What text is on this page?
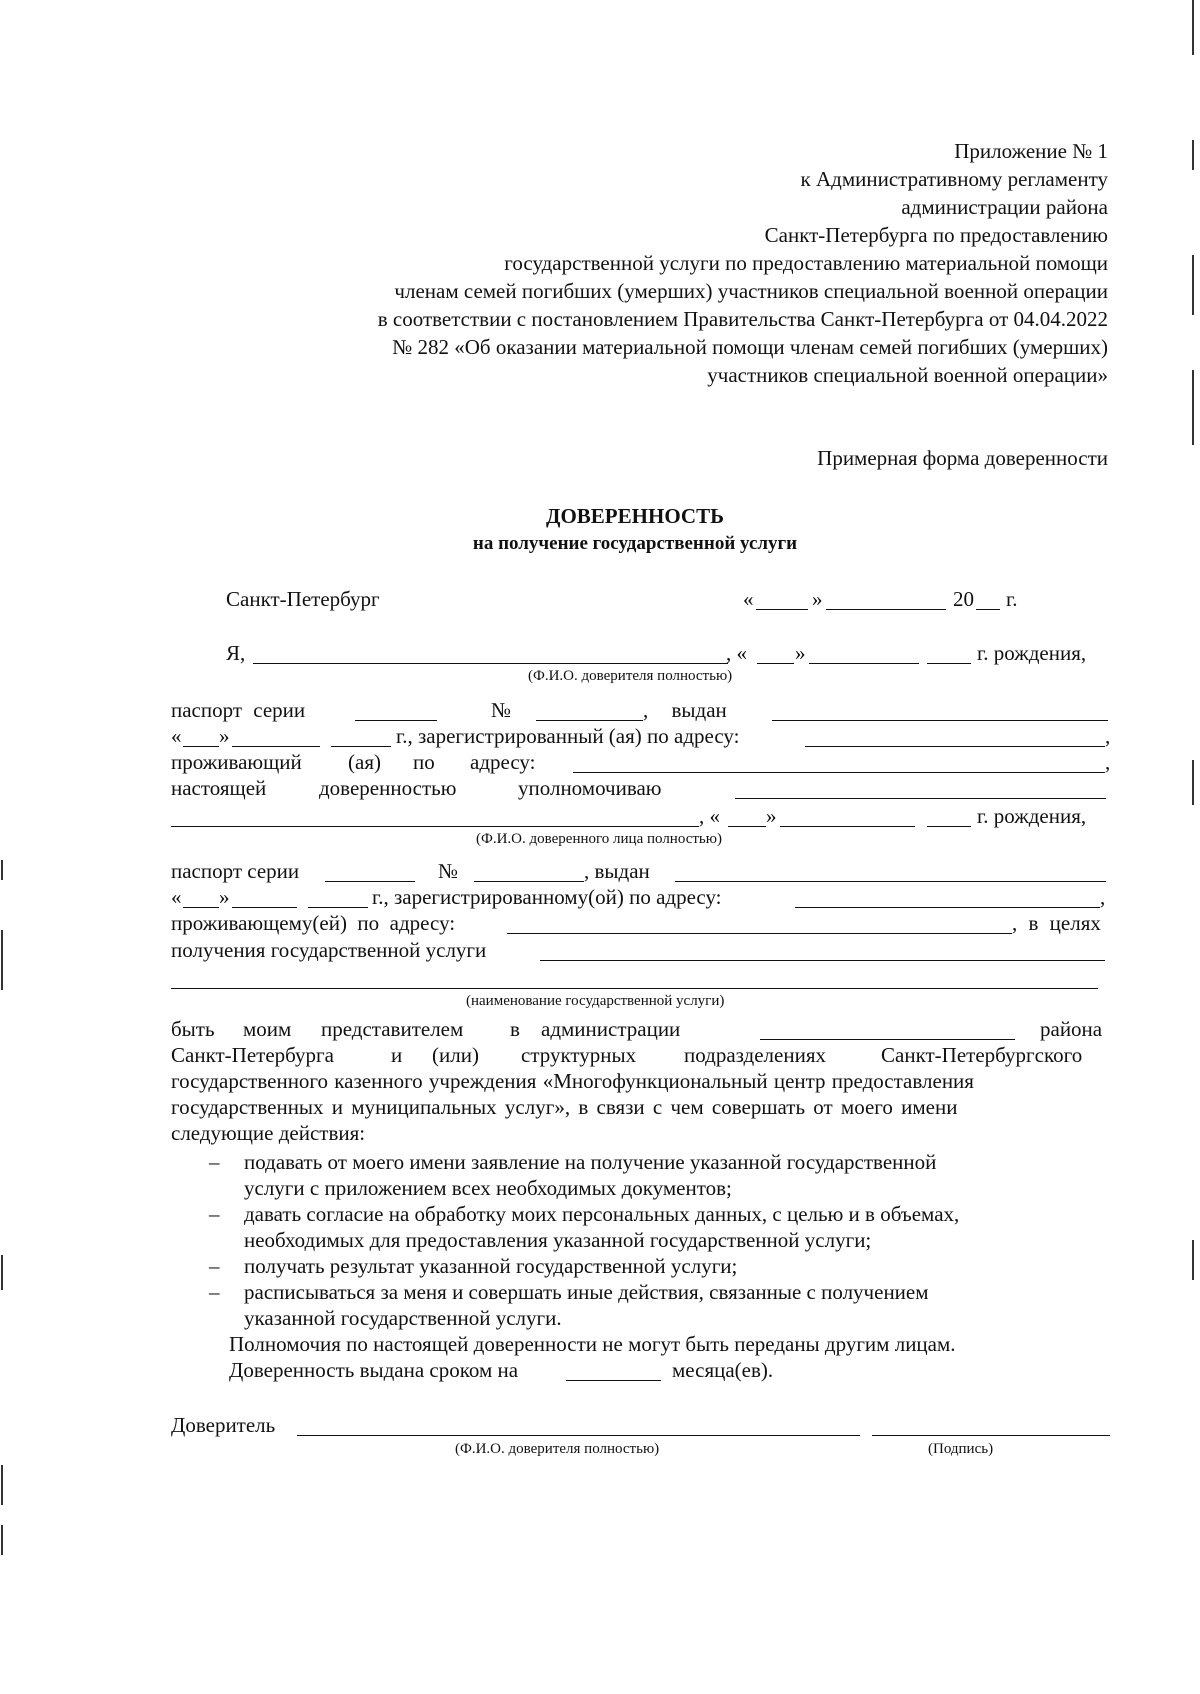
Приложение № 1
к Административному регламенту
администрации района
Санкт-Петербурга по предоставлению
государственной услуги по предоставлению материальной помощи
членам семей погибших (умерших) участников специальной военной операции
в соответствии с постановлением Правительства Санкт-Петербурга от 04.04.2022
№ 282 «Об оказании материальной помощи членам семей погибших (умерших)
участников специальной военной операции»
Примерная форма доверенности
ДОВЕРЕННОСТЬ
на получение государственной услуги
Санкт-Петербург	«	»	20 г.
Я,	, « »	г. рождения,
(Ф.И.О. доверителя полностью)
паспорт серии	№	, выдан
« »	г., зарегистрированный (ая) по адресу:	,
проживающий (ая) по адресу:	,
настоящей	доверенностью	уполномочиваю
, « »	г. рождения,
(Ф.И.О. доверенного лица полностью)
паспорт серии	№	, выдан
« »	г., зарегистрированному(ой) по адресу:	,
проживающему(ей)  по  адресу:	, в целях
получения государственной услуги
(наименование государственной услуги)
быть моим представителем в администрации	района
Санкт-Петербурга	и (или) структурных подразделениях	Санкт-Петербургского
государственного казенного учреждения «Многофункциональный центр предоставления
государственных и муниципальных услуг», в связи с чем совершать от моего имени
следующие действия:
– подавать от моего имени заявление на получение указанной государственной
услуги с приложением всех необходимых документов;
– давать согласие на обработку моих персональных данных, с целью и в объемах,
необходимых для предоставления указанной государственной услуги;
– получать результат указанной государственной услуги;
– расписываться за меня и совершать иные действия, связанные с получением
указанной государственной услуги.
Полномочия по настоящей доверенности не могут быть переданы другим лицам.
Доверенность выдана сроком на	месяца(ев).
Доверитель
(Ф.И.О. доверителя полностью)	(Подпись)
